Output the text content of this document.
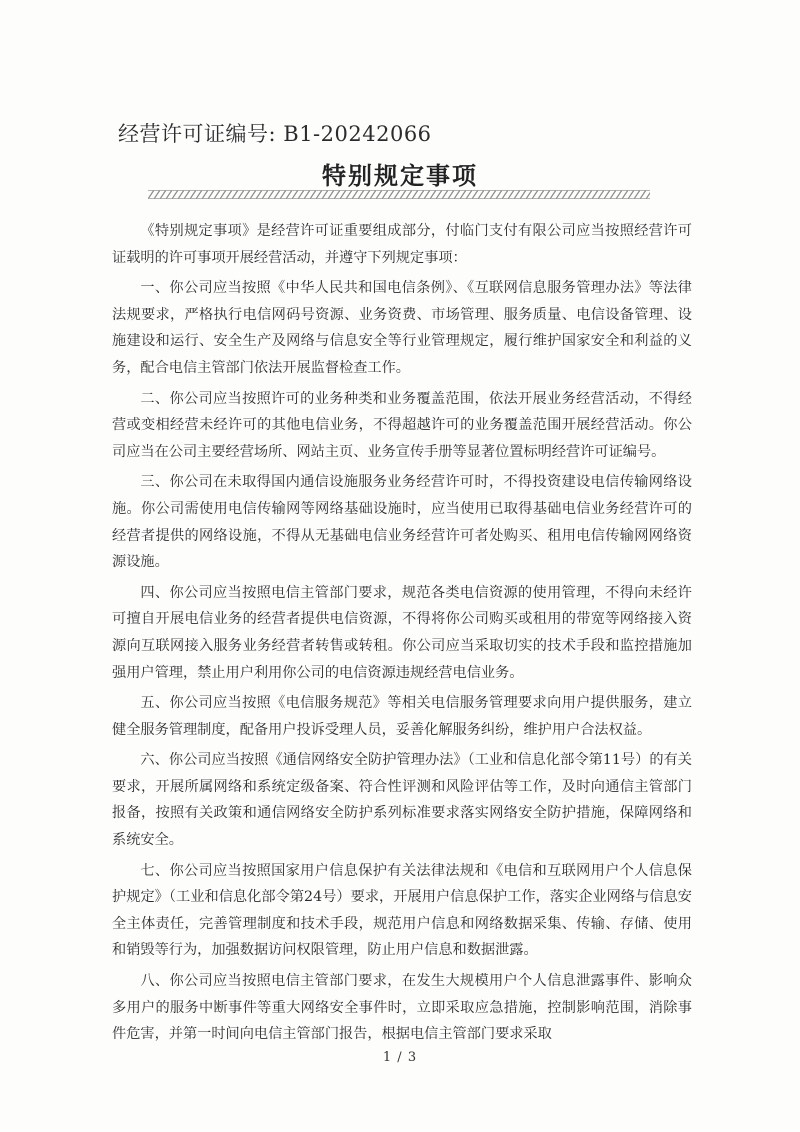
经营许可证编号: B1-20242066
特别规定事项

《特别规定事项》是经营许可证重要组成部分，付临门支付有限公司应当按照经营许可证载明的许可事项开展经营活动，并遵守下列规定事项：

一、你公司应当按照《中华人民共和国电信条例》、《互联网信息服务管理办法》等法律法规要求，严格执行电信网码号资源、业务资费、市场管理、服务质量、电信设备管理、设施建设和运行、安全生产及网络与信息安全等行业管理规定，履行维护国家安全和利益的义务，配合电信主管部门依法开展监督检查工作。

二、你公司应当按照许可的业务种类和业务覆盖范围，依法开展业务经营活动，不得经营或变相经营未经许可的其他电信业务，不得超越许可的业务覆盖范围开展经营活动。你公司应当在公司主要经营场所、网站主页、业务宣传手册等显著位置标明经营许可证编号。

三、你公司在未取得国内通信设施服务业务经营许可时，不得投资建设电信传输网络设施。你公司需使用电信传输网等网络基础设施时，应当使用已取得基础电信业务经营许可的经营者提供的网络设施，不得从无基础电信业务经营许可者处购买、租用电信传输网网络资源设施。

四、你公司应当按照电信主管部门要求，规范各类电信资源的使用管理，不得向未经许可擅自开展电信业务的经营者提供电信资源，不得将你公司购买或租用的带宽等网络接入资源向互联网接入服务业务经营者转售或转租。你公司应当采取切实的技术手段和监控措施加强用户管理，禁止用户利用你公司的电信资源违规经营电信业务。

五、你公司应当按照《电信服务规范》等相关电信服务管理要求向用户提供服务，建立健全服务管理制度，配备用户投诉受理人员，妥善化解服务纠纷，维护用户合法权益。

六、你公司应当按照《通信网络安全防护管理办法》（工业和信息化部令第11号）的有关要求，开展所属网络和系统定级备案、符合性评测和风险评估等工作，及时向通信主管部门报备，按照有关政策和通信网络安全防护系列标准要求落实网络安全防护措施，保障网络和系统安全。

七、你公司应当按照国家用户信息保护有关法律法规和《电信和互联网用户个人信息保护规定》（工业和信息化部令第24号）要求，开展用户信息保护工作，落实企业网络与信息安全主体责任，完善管理制度和技术手段，规范用户信息和网络数据采集、传输、存储、使用和销毁等行为，加强数据访问权限管理，防止用户信息和数据泄露。

八、你公司应当按照电信主管部门要求，在发生大规模用户个人信息泄露事件、影响众多用户的服务中断事件等重大网络安全事件时，立即采取应急措施，控制影响范围，消除事件危害，并第一时间向电信主管部门报告，根据电信主管部门要求采取

1 / 3
